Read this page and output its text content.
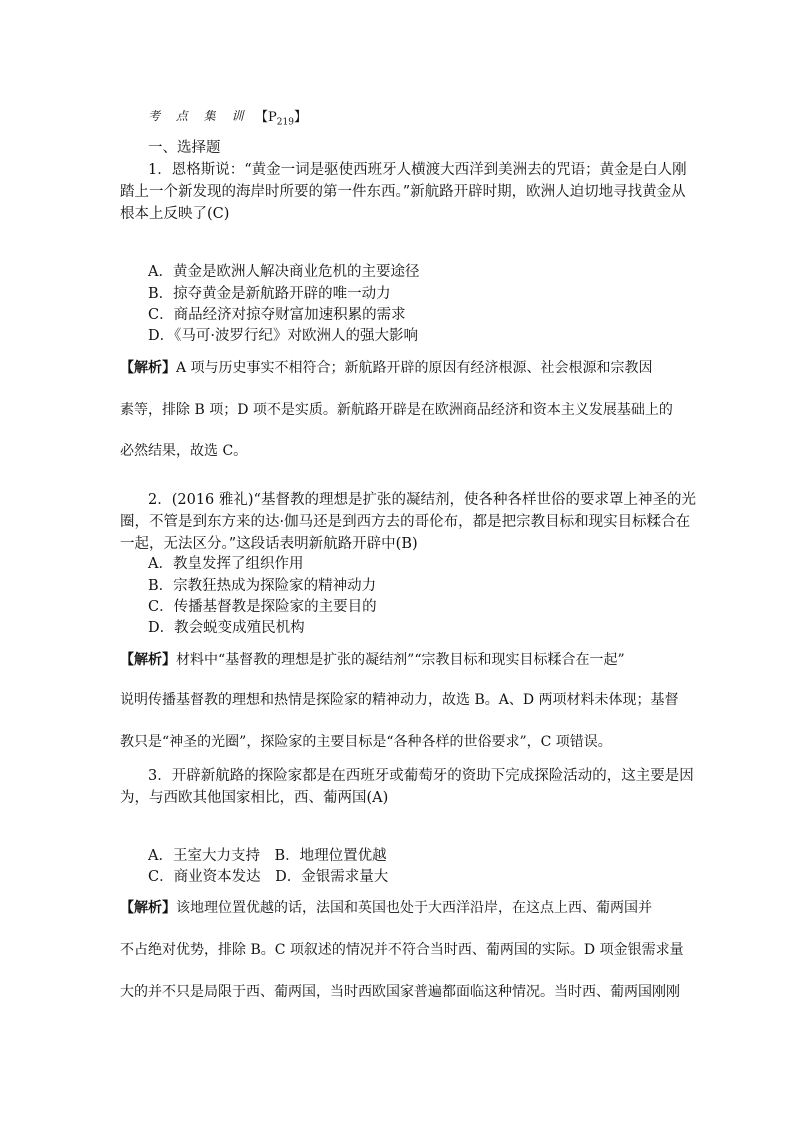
考 点 集 训 【$P_{219}$】
一、选择题
1．恩格斯说：“黄金一词是驱使西班牙人横渡大西洋到美洲去的咒语；黄金是白人刚
踏上一个新发现的海岸时所要的第一件东西。”新航路开辟时期，欧洲人迫切地寻找黄金从
根本上反映了(C)
A．黄金是欧洲人解决商业危机的主要途径
B．掠夺黄金是新航路开辟的唯一动力
C．商品经济对掠夺财富加速积累的需求
D．《马可·波罗行纪》对欧洲人的强大影响
【解析】A 项与历史事实不相符合；新航路开辟的原因有经济根源、社会根源和宗教因
素等，排除 B 项；D 项不是实质。新航路开辟是在欧洲商品经济和资本主义发展基础上的
必然结果，故选 C。
2．(2016 雅礼)“基督教的理想是扩张的凝结剂，使各种各样世俗的要求罩上神圣的光
圈，不管是到东方来的达·伽马还是到西方去的哥伦布，都是把宗教目标和现实目标糅合在
一起，无法区分。”这段话表明新航路开辟中(B)
A．教皇发挥了组织作用
B．宗教狂热成为探险家的精神动力
C．传播基督教是探险家的主要目的
D．教会蜕变成殖民机构
【解析】材料中“基督教的理想是扩张的凝结剂”“宗教目标和现实目标糅合在一起”
说明传播基督教的理想和热情是探险家的精神动力，故选 B。A、D 两项材料未体现；基督
教只是“神圣的光圈”，探险家的主要目标是“各种各样的世俗要求”，C 项错误。
3．开辟新航路的探险家都是在西班牙或葡萄牙的资助下完成探险活动的，这主要是因
为，与西欧其他国家相比，西、葡两国(A)
A．王室大力支持　B．地理位置优越
C．商业资本发达　D．金银需求量大
【解析】该地理位置优越的话，法国和英国也处于大西洋沿岸，在这点上西、葡两国并
不占绝对优势，排除 B。C 项叙述的情况并不符合当时西、葡两国的实际。D 项金银需求量
大的并不只是局限于西、葡两国，当时西欧国家普遍都面临这种情况。当时西、葡两国刚刚
